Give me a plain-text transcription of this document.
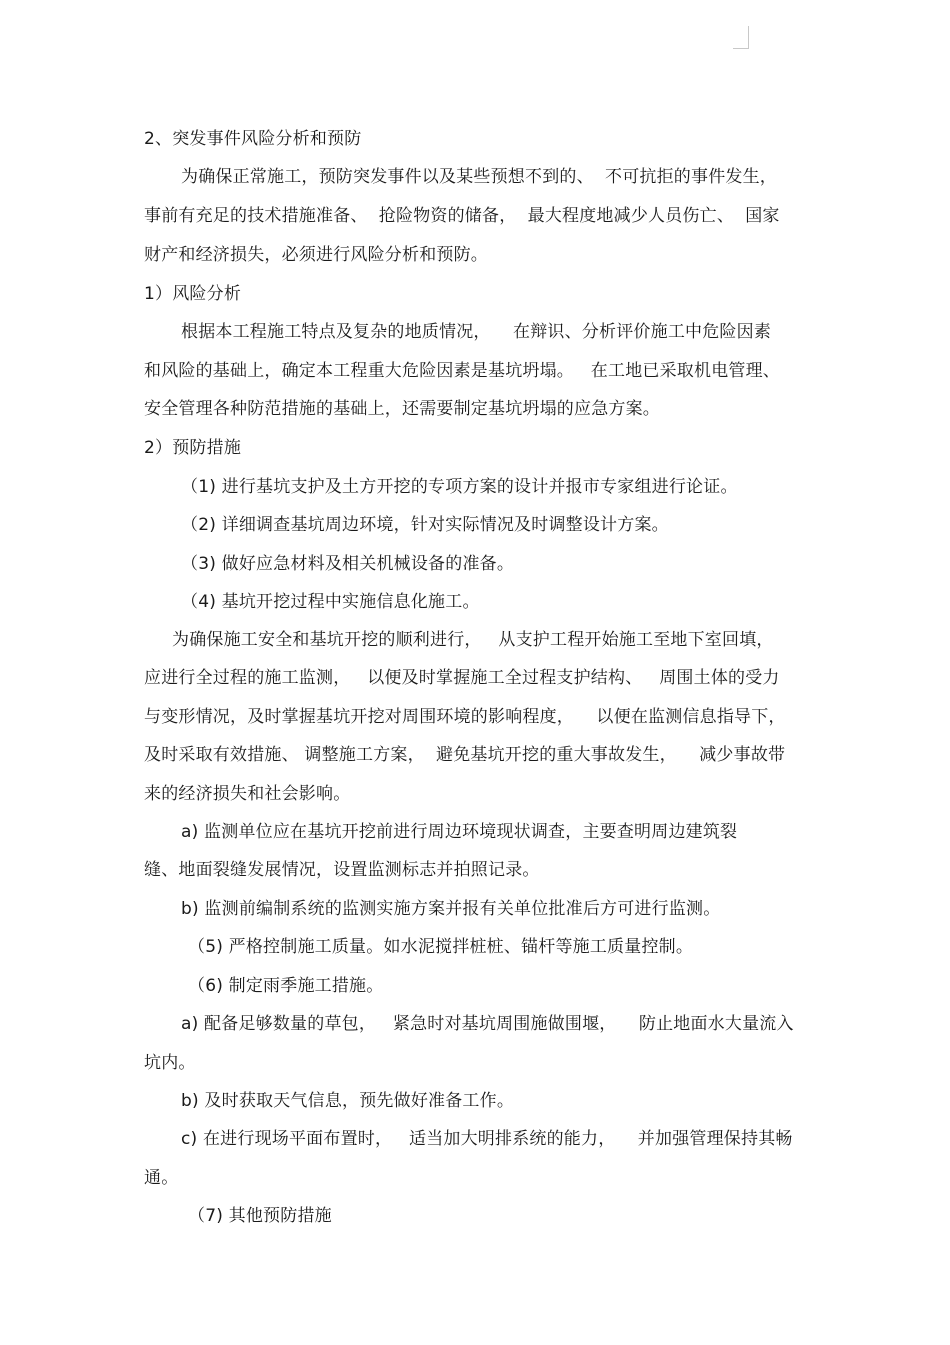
2、突发事件风险分析和预防
为确保正常施工，预防突发事件以及某些预想不到的、  不可抗拒的事件发生，
事前有充足的技术措施准备、  抢险物资的储备，  最大程度地减少人员伤亡、  国家
财产和经济损失，必须进行风险分析和预防。
1）风险分析
根据本工程施工特点及复杂的地质情况，    在辩识、分析评价施工中危险因素
和风险的基础上，确定本工程重大危险因素是基坑坍塌。   在工地已采取机电管理、
安全管理各种防范措施的基础上，还需要制定基坑坍塌的应急方案。
2）预防措施
（1) 进行基坑支护及土方开挖的专项方案的设计并报市专家组进行论证。
（2) 详细调查基坑周边环境，针对实际情况及时调整设计方案。
（3) 做好应急材料及相关机械设备的准备。
（4) 基坑开挖过程中实施信息化施工。
为确保施工安全和基坑开挖的顺利进行，   从支护工程开始施工至地下室回填，
应进行全过程的施工监测，   以便及时掌握施工全过程支护结构、   周围土体的受力
与变形情况，及时掌握基坑开挖对周围环境的影响程度，    以便在监测信息指导下，
及时采取有效措施、 调整施工方案，  避免基坑开挖的重大事故发生，    减少事故带
来的经济损失和社会影响。
a) 监测单位应在基坑开挖前进行周边环境现状调查，主要查明周边建筑裂
缝、地面裂缝发展情况，设置监测标志并拍照记录。
b) 监测前编制系统的监测实施方案并报有关单位批准后方可进行监测。
（5) 严格控制施工质量。如水泥搅拌桩桩、锚杆等施工质量控制。
（6) 制定雨季施工措施。
a) 配备足够数量的草包，   紧急时对基坑周围施做围堰，    防止地面水大量流入
坑内。
b) 及时获取天气信息，预先做好准备工作。
c) 在进行现场平面布置时，   适当加大明排系统的能力，    并加强管理保持其畅
通。
（7) 其他预防措施
